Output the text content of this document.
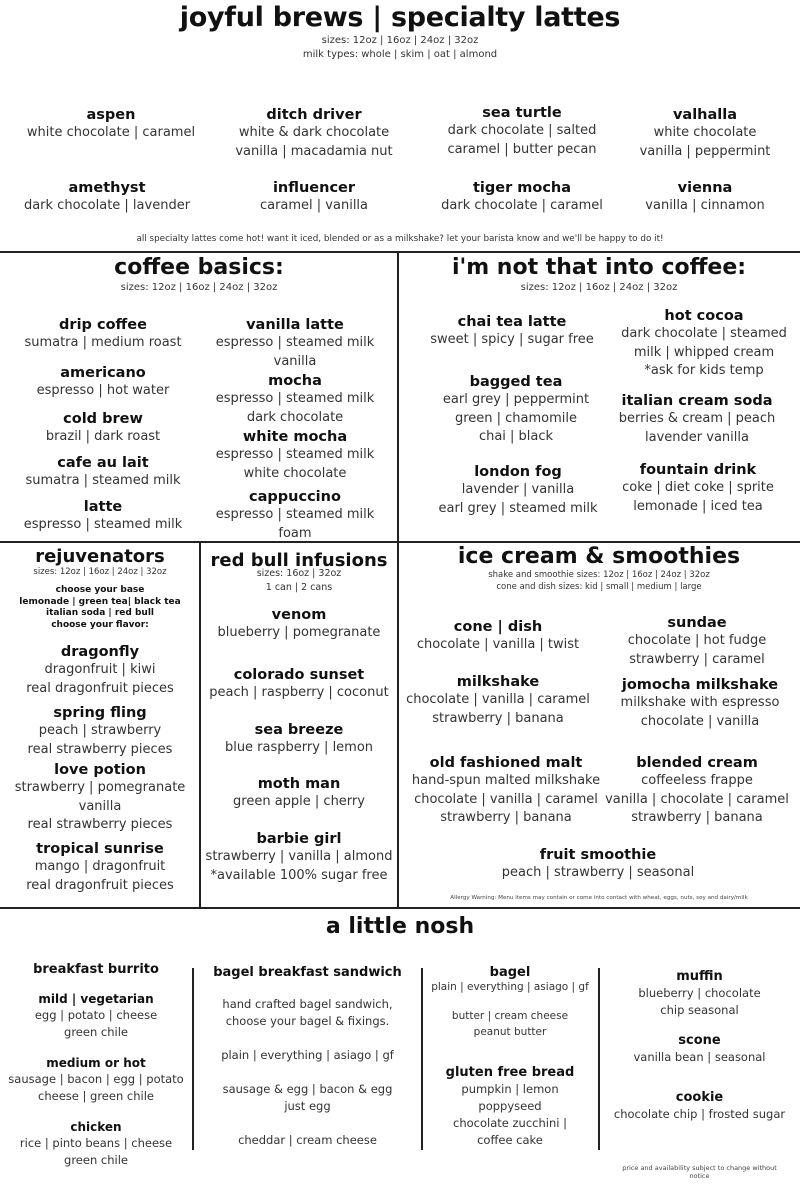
joyful brews | specialty lattes
sizes: 12oz | 16oz | 24oz | 32oz
milk types: whole | skim | oat | almond
aspen
white chocolate | caramel
ditch driver
white & dark chocolate
vanilla | macadamia nut
sea turtle
dark chocolate | salted
caramel | butter pecan
valhalla
white chocolate
vanilla | peppermint
amethyst
dark chocolate | lavender
influencer
caramel | vanilla
tiger mocha
dark chocolate | caramel
vienna
vanilla | cinnamon
all specialty lattes come hot! want it iced, blended or as a milkshake? let your barista know and we'll be happy to do it!
coffee basics:
sizes: 12oz | 16oz | 24oz | 32oz
drip coffee
sumatra | medium roast
americano
espresso | hot water
cold brew
brazil | dark roast
cafe au lait
sumatra | steamed milk
latte
espresso | steamed milk
vanilla latte
espresso | steamed milk
vanilla
mocha
espresso | steamed milk
dark chocolate
white mocha
espresso | steamed milk
white chocolate
cappuccino
espresso | steamed milk
foam
i'm not that into coffee:
sizes: 12oz | 16oz | 24oz | 32oz
chai tea latte
sweet | spicy | sugar free
bagged tea
earl grey | peppermint
green | chamomile
chai | black
london fog
lavender | vanilla
earl grey | steamed milk
hot cocoa
dark chocolate | steamed
milk | whipped cream
*ask for kids temp
italian cream soda
berries & cream | peach
lavender vanilla
fountain drink
coke | diet coke | sprite
lemonade | iced tea
rejuvenators
sizes: 12oz | 16oz | 24oz | 32oz
choose your base
lemonade | green tea| black tea
italian soda | red bull
choose your flavor:
dragonfly
dragonfruit | kiwi
real dragonfruit pieces
spring fling
peach | strawberry
real strawberry pieces
love potion
strawberry | pomegranate
vanilla
real strawberry pieces
tropical sunrise
mango | dragonfruit
real dragonfruit pieces
red bull infusions
sizes: 16oz | 32oz
1 can | 2 cans
venom
blueberry | pomegranate
colorado sunset
peach | raspberry | coconut
sea breeze
blue raspberry | lemon
moth man
green apple | cherry
barbie girl
strawberry | vanilla | almond
*available 100% sugar free
ice cream & smoothies
shake and smoothie sizes: 12oz | 16oz | 24oz | 32oz
cone and dish sizes: kid | small | medium | large
cone | dish
chocolate | vanilla | twist
milkshake
chocolate | vanilla | caramel
strawberry | banana
old fashioned malt
hand-spun malted milkshake
chocolate | vanilla | caramel
strawberry | banana
sundae
chocolate | hot fudge
strawberry | caramel
jomocha milkshake
milkshake with espresso
chocolate | vanilla
blended cream
coffeeless frappe
vanilla | chocolate | caramel
strawberry | banana
fruit smoothie
peach | strawberry | seasonal
Allergy Warning: Menu items may contain or come into contact with wheat, eggs, nuts, soy and dairy/milk
a little nosh
breakfast burrito
mild | vegetarian
egg | potato | cheese
green chile
medium or hot
sausage | bacon | egg | potato
cheese | green chile
chicken
rice | pinto beans | cheese
green chile
bagel breakfast sandwich
hand crafted bagel sandwich,
choose your bagel & fixings.
plain | everything | asiago | gf
sausage & egg | bacon & egg
just egg
cheddar | cream cheese
bagel
plain | everything | asiago | gf
butter | cream cheese
peanut butter
gluten free bread
pumpkin | lemon
poppyseed
chocolate zucchini |
coffee cake
muffin
blueberry | chocolate
chip seasonal
scone
vanilla bean | seasonal
cookie
chocolate chip | frosted sugar
price and availability subject to change without
notice
